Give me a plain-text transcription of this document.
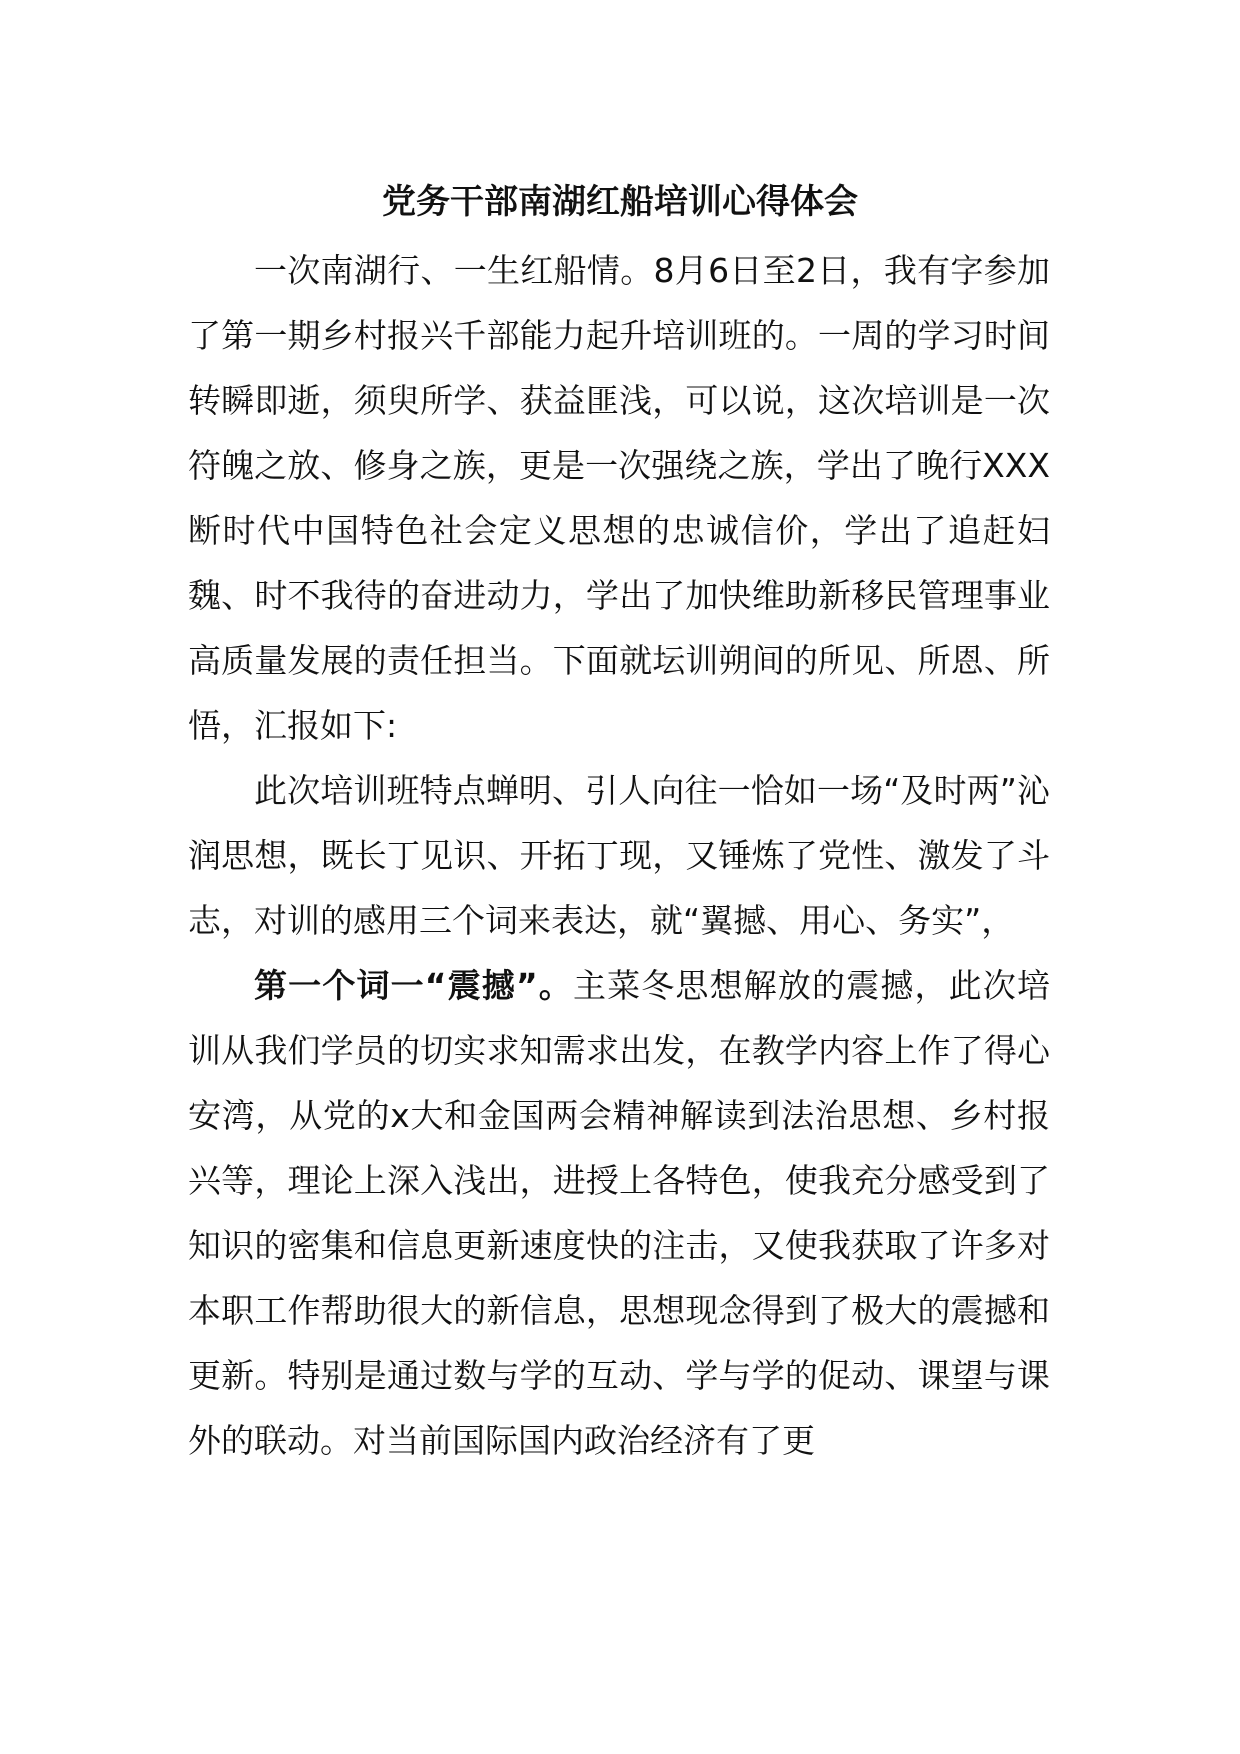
党务干部南湖红船培训心得体会

一次南湖行、一生红船情。8月6日至2日，我有字参加了第一期乡村报兴千部能力起升培训班的。一周的学习时间转瞬即逝，须臾所学、获益匪浅，可以说，这次培训是一次符魄之放、修身之族，更是一次强绕之族，学出了晚行XXX断时代中国特色社会定义思想的忠诚信价，学出了追赶妇魏、时不我待的奋进动力，学出了加快维助新移民管理事业高质量发展的责任担当。下面就坛训朔间的所见、所恩、所悟，汇报如下:

此次培训班特点蝉明、引人向往一恰如一场“及时两”沁润思想，既长丁见识、开拓丁现，又锤炼了党性、激发了斗志，对训的感用三个词来表达，就“翼撼、用心、务实”，

第一个词一“震撼”。主菜冬思想解放的震撼，此次培训从我们学员的切实求知需求出发，在教学内容上作了得心安湾，从党的x大和金国两会精神解读到法治思想、乡村报兴等，理论上深入浅出，进授上各特色，使我充分感受到了知识的密集和信息更新速度快的注击，又使我获取了许多对本职工作帮助很大的新信息，思想现念得到了极大的震撼和更新。特别是通过数与学的互动、学与学的促动、课望与课外的联动。对当前国际国内政治经济有了更
